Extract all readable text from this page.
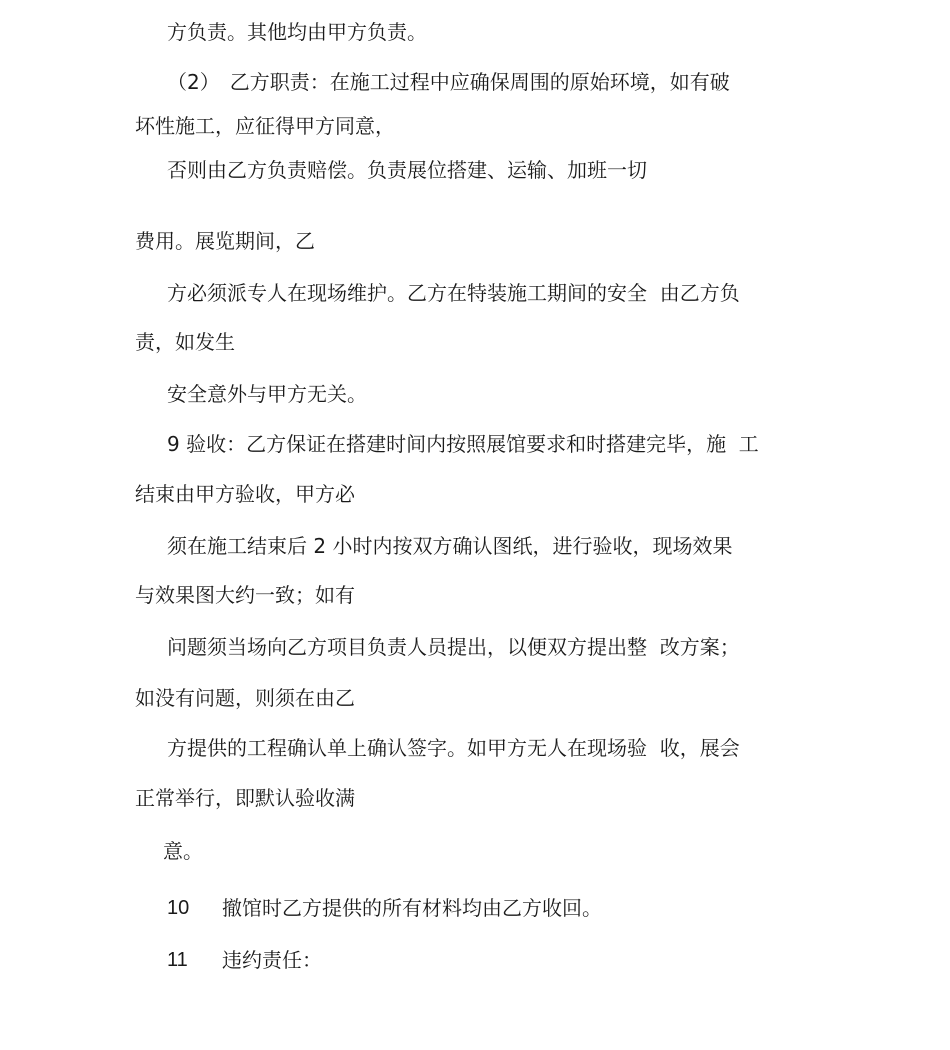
方负责。其他均由甲方负责。
（2）　乙方职责：在施工过程中应确保周围的原始环境，如有破
坏性施工，应征得甲方同意，
否则由乙方负责赔偿。负责展位搭建、运输、加班一切
费用。展览期间，乙
方必须派专人在现场维护。乙方在特装施工期间的安全  由乙方负
责，如发生
安全意外与甲方无关。
9 验收：乙方保证在搭建时间内按照展馆要求和时搭建完毕，施  工
结束由甲方验收，甲方必
须在施工结束后 2 小时内按双方确认图纸，进行验收，现场效果
与效果图大约一致；如有
问题须当场向乙方项目负责人员提出，以便双方提出整  改方案；
如没有问题，则须在由乙
方提供的工程确认单上确认签字。如甲方无人在现场验  收，展会
正常举行，即默认验收满
意。
10 撤馆时乙方提供的所有材料均由乙方收回。
11 违约责任：
